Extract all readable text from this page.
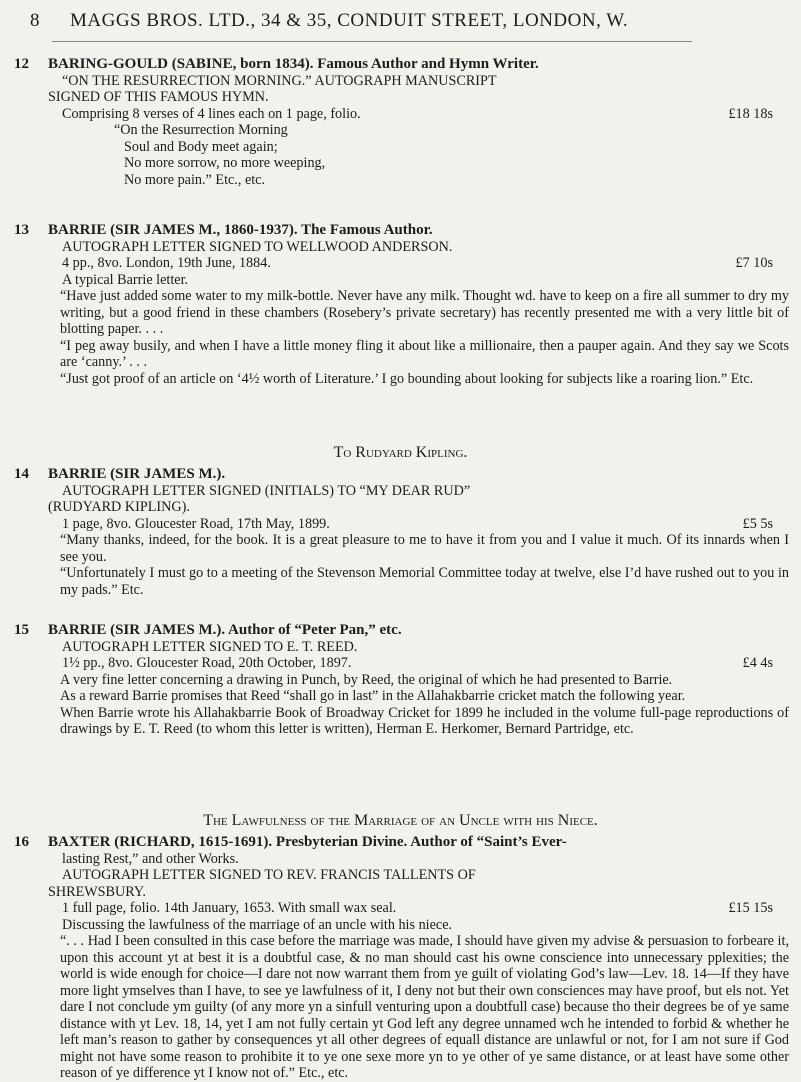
8 MAGGS BROS. LTD., 34 & 35, CONDUIT STREET, LONDON, W.
12 BARING-GOULD (SABINE, born 1834). Famous Author and Hymn Writer.
“ON THE RESURRECTION MORNING.” AUTOGRAPH MANUSCRIPT
SIGNED OF THIS FAMOUS HYMN.
Comprising 8 verses of 4 lines each on 1 page, folio.	£18 18s
“On the Resurrection Morning
Soul and Body meet again;
No more sorrow, no more weeping,
No more pain.” Etc., etc.
13 BARRIE (SIR JAMES M., 1860-1937). The Famous Author.
AUTOGRAPH LETTER SIGNED TO WELLWOOD ANDERSON.
4 pp., 8vo. London, 19th June, 1884.	£7 10s
A typical Barrie letter.
“Have just added some water to my milk-bottle. Never have any milk. Thought wd. have to keep on a fire all summer to dry my writing, but a good friend in these chambers (Rosebery’s private secretary) has recently presented me with a very little bit of blotting paper. . . .
“I peg away busily, and when I have a little money fling it about like a millionaire, then a pauper again. And they say we Scots are ‘canny.’ . . .
“Just got proof of an article on ‘4½ worth of Literature.’ I go bounding about looking for subjects like a roaring lion.” Etc.
To Rudyard Kipling.
14 BARRIE (SIR JAMES M.).
AUTOGRAPH LETTER SIGNED (INITIALS) TO “MY DEAR RUD”
(RUDYARD KIPLING).
1 page, 8vo. Gloucester Road, 17th May, 1899.	£5 5s
“Many thanks, indeed, for the book. It is a great pleasure to me to have it from you and I value it much. Of its innards when I see you.
“Unfortunately I must go to a meeting of the Stevenson Memorial Committee today at twelve, else I’d have rushed out to you in my pads.” Etc.
15 BARRIE (SIR JAMES M.). Author of “Peter Pan,” etc.
AUTOGRAPH LETTER SIGNED TO E. T. REED.
1½ pp., 8vo. Gloucester Road, 20th October, 1897.	£4 4s
A very fine letter concerning a drawing in Punch, by Reed, the original of which he had presented to Barrie.
As a reward Barrie promises that Reed “shall go in last” in the Allahakbarrie cricket match the following year.
When Barrie wrote his Allahakbarrie Book of Broadway Cricket for 1899 he included in the volume full-page reproductions of drawings by E. T. Reed (to whom this letter is written), Herman E. Herkomer, Bernard Partridge, etc.
The Lawfulness of the Marriage of an Uncle with his Niece.
16 BAXTER (RICHARD, 1615-1691). Presbyterian Divine. Author of “Saint’s Ever-
lasting Rest,” and other Works.
AUTOGRAPH LETTER SIGNED TO REV. FRANCIS TALLENTS OF
SHREWSBURY.
1 full page, folio. 14th January, 1653. With small wax seal.	£15 15s
Discussing the lawfulness of the marriage of an uncle with his niece.
“. . . Had I been consulted in this case before the marriage was made, I should have given my advise & persuasion to forbeare it, upon this account yt at best it is a doubtful case, & no man should cast his owne conscience into unnecessary pplexities; the world is wide enough for choice—I dare not now warrant them from ye guilt of violating God’s law—Lev. 18. 14—If they have more light ymselves than I have, to see ye lawfulness of it, I deny not but their own consciences may have proof, but els not. Yet dare I not conclude ym guilty (of any more yn a sinfull venturing upon a doubtfull case) because tho their degrees be of ye same distance with yt Lev. 18, 14, yet I am not fully certain yt God left any degree unnamed wch he intended to forbid & whether he left man’s reason to gather by consequences yt all other degrees of equall distance are unlawful or not, for I am not sure if God might not have some reason to prohibite it to ye one sexe more yn to ye other of ye same distance, or at least have some other reason of ye difference yt I know not of.” Etc., etc.
